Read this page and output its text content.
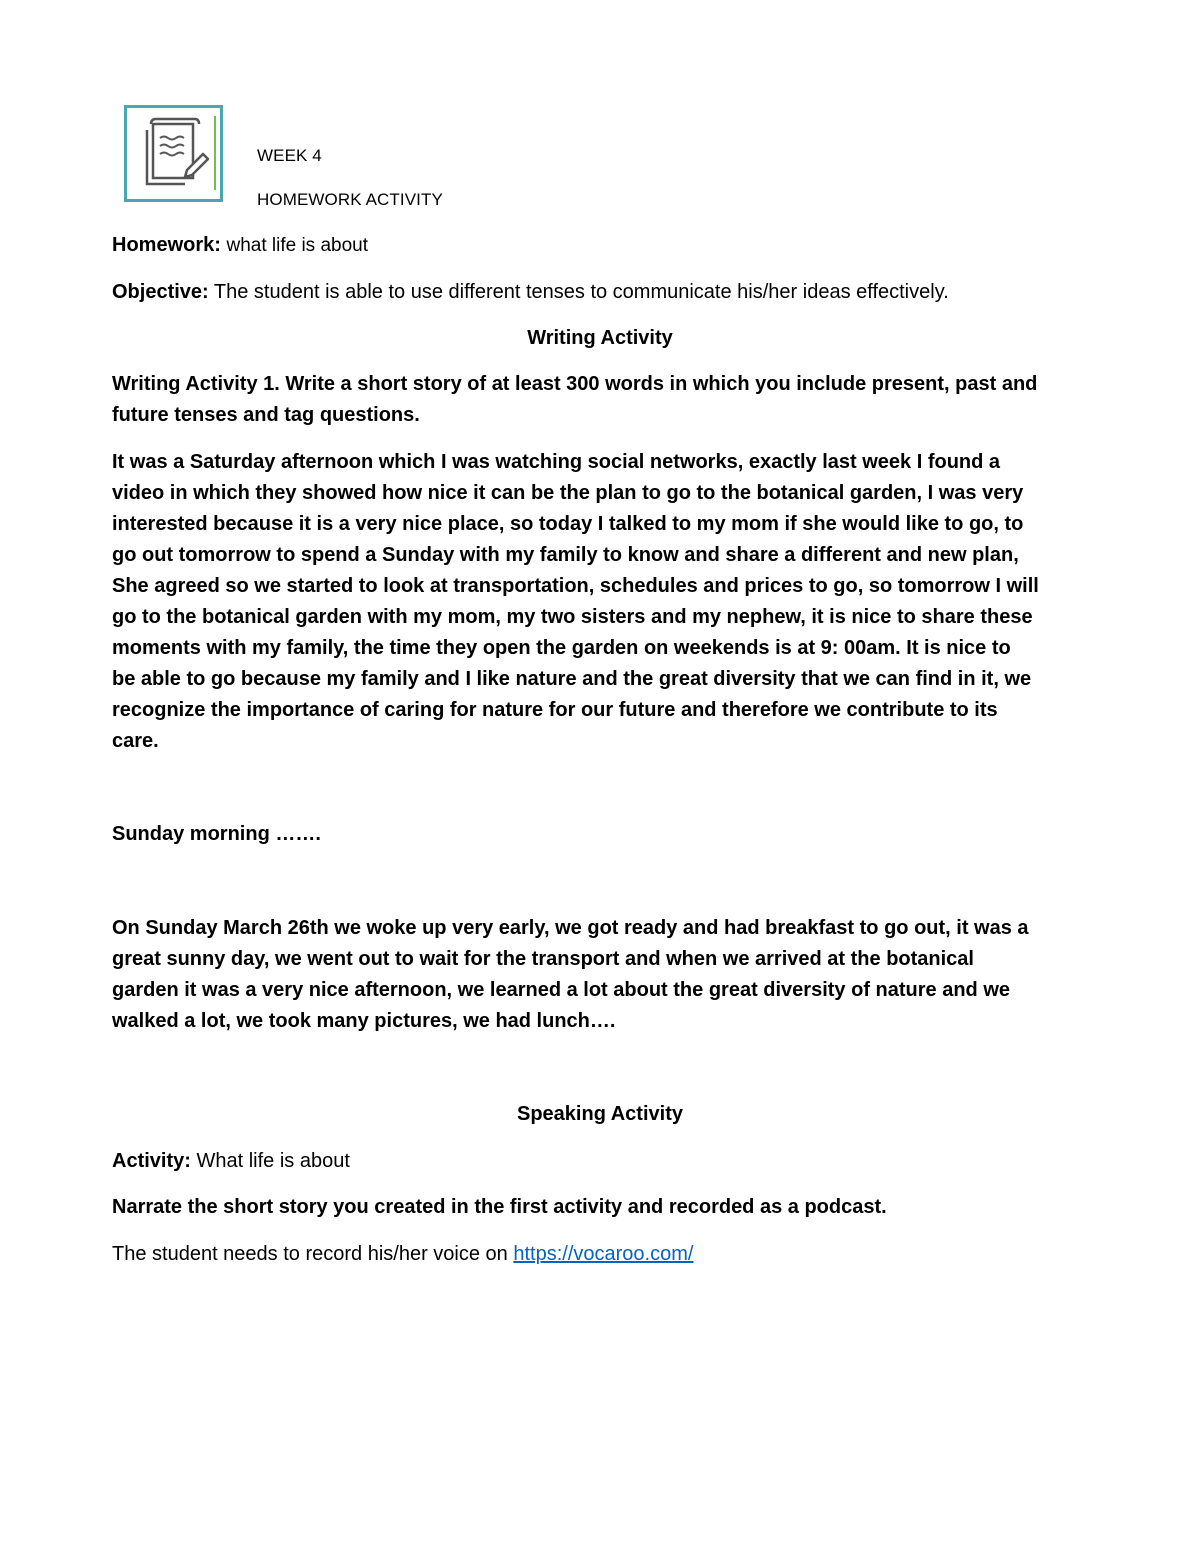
WEEK 4
HOMEWORK ACTIVITY
Homework: what life is about
Objective: The student is able to use different tenses to communicate his/her ideas effectively.
Writing Activity
Writing Activity 1. Write a short story of at least 300 words in which you include present, past and
future tenses and tag questions.
It was a Saturday afternoon which I was watching social networks, exactly last week I found a
video in which they showed how nice it can be the plan to go to the botanical garden, I was very
interested because it is a very nice place, so today I talked to my mom if she would like to go, to
go out tomorrow to spend a Sunday with my family to know and share a different and new plan,
She agreed so we started to look at transportation, schedules and prices to go, so tomorrow I will
go to the botanical garden with my mom, my two sisters and my nephew, it is nice to share these
moments with my family, the time they open the garden on weekends is at 9: 00am. It is nice to
be able to go because my family and I like nature and the great diversity that we can find in it, we
recognize the importance of caring for nature for our future and therefore we contribute to its
care.
Sunday morning …….
On Sunday March 26th we woke up very early, we got ready and had breakfast to go out, it was a
great sunny day, we went out to wait for the transport and when we arrived at the botanical
garden it was a very nice afternoon, we learned a lot about the great diversity of nature and we
walked a lot, we took many pictures, we had lunch….
Speaking Activity
Activity: What life is about
Narrate the short story you created in the first activity and recorded as a podcast.
The student needs to record his/her voice on https://vocaroo.com/
